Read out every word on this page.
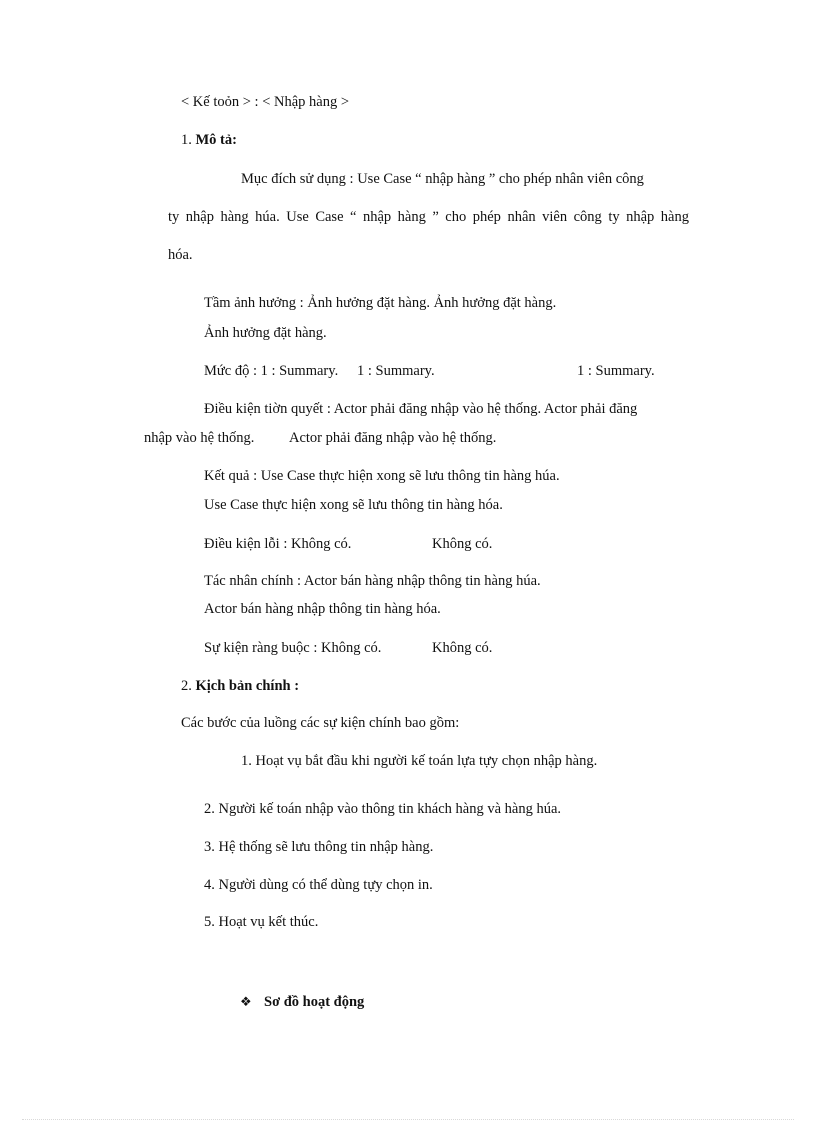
< Kế toỏn > : < Nhập hàng >
1. Mô tả:
Mục đích sử dụng : Use Case “ nhập hàng ” cho phép nhân viên công
ty nhập hàng húa. Use Case “ nhập hàng ” cho phép nhân viên công ty nhập hàng
hóa.
Tầm ảnh hưởng : Ảnh hưởng đặt hàng. Ảnh hưởng đặt hàng.
Ảnh hưởng đặt hàng.
Mức độ : 1 : Summary. 1 : Summary.	1 : Summary.
Điều kiện tiờn quyết : Actor phải đăng nhập vào hệ thống. Actor phải đăng
nhập vào hệ thống. Actor phải đăng nhập vào hệ thống.
Kết quả : Use Case thực hiện xong sẽ lưu thông tin hàng húa.
Use Case thực hiện xong sẽ lưu thông tin hàng hóa.
Điều kiện lỗi : Không có.	Không có.
Tác nhân chính : Actor bán hàng nhập thông tin hàng húa.
Actor bán hàng nhập thông tin hàng hóa.
Sự kiện ràng buộc : Không có.	Không có.
2. Kịch bản chính :
Các bước của luồng các sự kiện chính bao gồm:
1. Hoạt vụ bắt đầu khi người kế toán lựa tựy chọn nhập hàng.
2. Người kế toán nhập vào thông tin khách hàng và hàng húa.
3. Hệ thống sẽ lưu thông tin nhập hàng.
4. Người dùng có thể dùng tựy chọn in.
5. Hoạt vụ kết thúc.
❖ Sơ đồ hoạt động
